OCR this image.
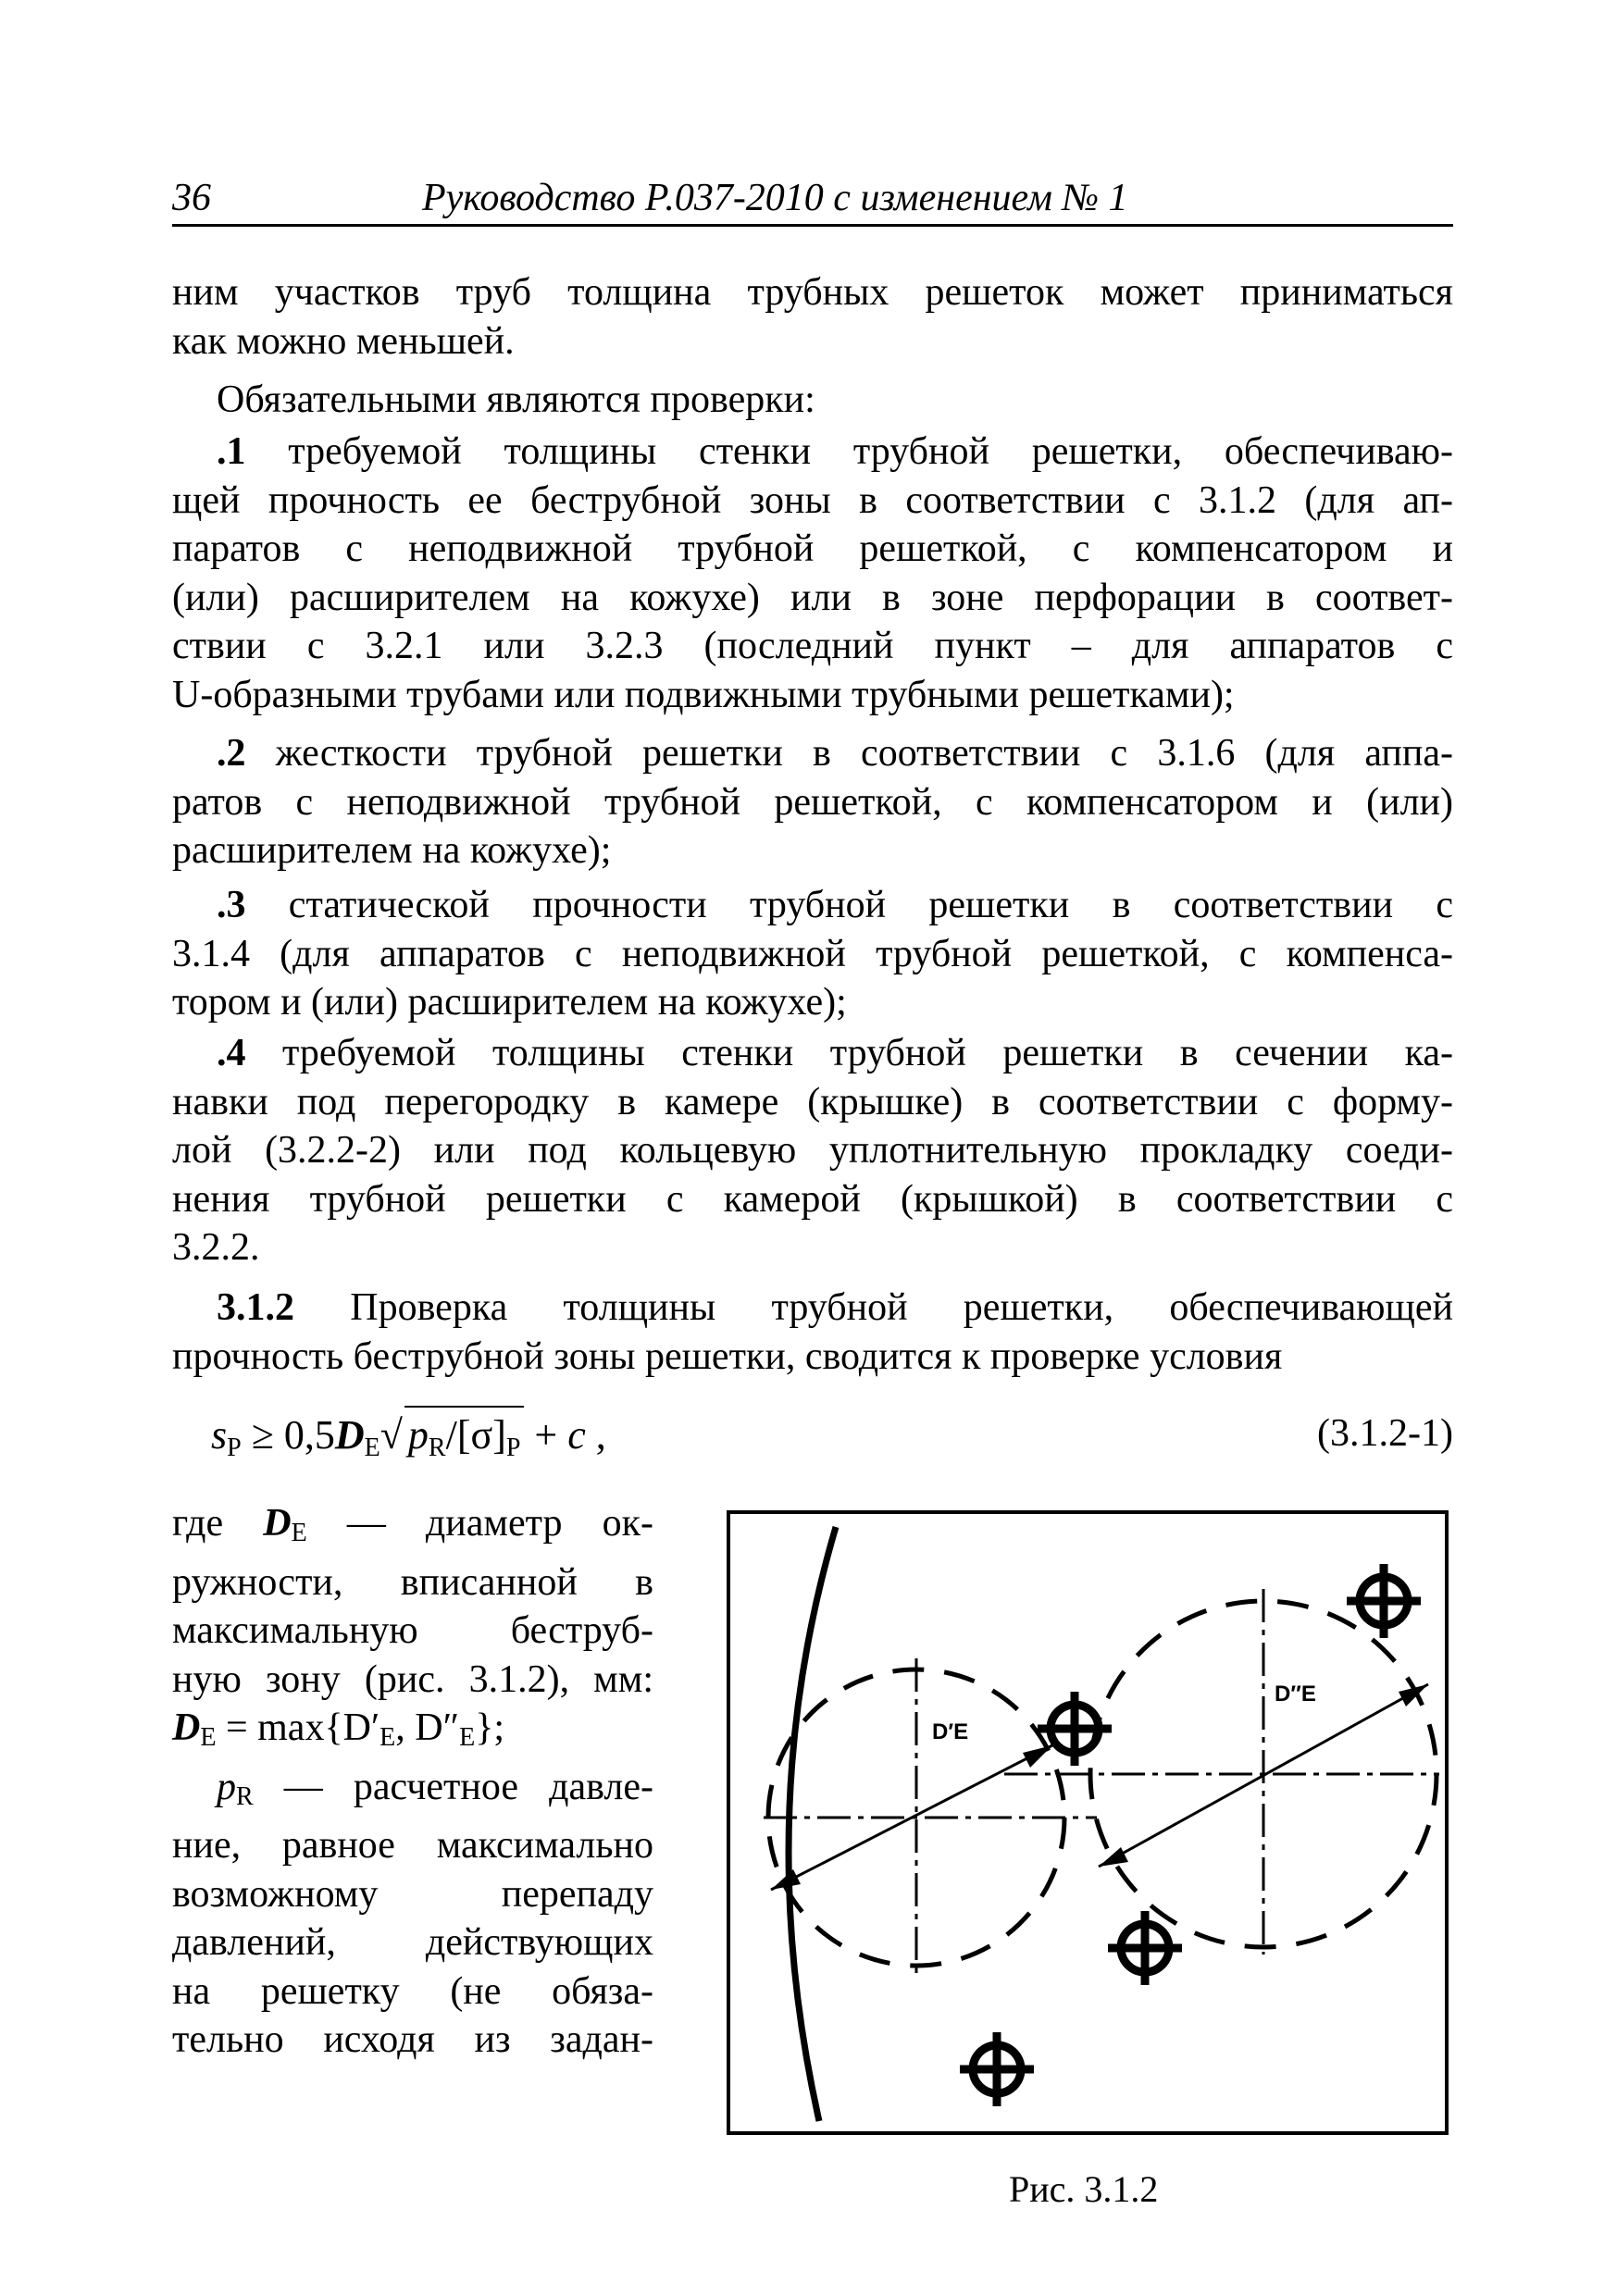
36	Руководство Р.037-2010 с изменением № 1
ним участков труб толщина трубных решеток может приниматься
как можно меньшей.
Обязательными являются проверки:
.1 требуемой толщины стенки трубной решетки, обеспечиваю-
щей прочность ее беструбной зоны в соответствии с 3.1.2 (для ап-
паратов с неподвижной трубной решеткой, с компенсатором и
(или) расширителем на кожухе) или в зоне перфорации в соответ-
ствии с 3.2.1 или 3.2.3 (последний пункт – для аппаратов с
U-образными трубами или подвижными трубными решетками);
.2 жесткости трубной решетки в соответствии с 3.1.6 (для аппа-
ратов с неподвижной трубной решеткой, с компенсатором и (или)
расширителем на кожухе);
.3 статической прочности трубной решетки в соответствии с
3.1.4 (для аппаратов с неподвижной трубной решеткой, с компенса-
тором и (или) расширителем на кожухе);
.4 требуемой толщины стенки трубной решетки в сечении ка-
навки под перегородку в камере (крышке) в соответствии с форму-
лой (3.2.2-2) или под кольцевую уплотнительную прокладку соеди-
нения трубной решетки с камерой (крышкой) в соответствии с
3.2.2.
3.1.2 Проверка толщины трубной решетки, обеспечивающей
прочность беструбной зоны решетки, сводится к проверке условия
$s_P \ge 0,5D_E√$ $p_R/[\sigma]_P + c$ ,	(3.1.2-1)
где $D_E$ — диаметр ок-
ружности, вписанной в
максимальную беструб-
ную зону (рис. 3.1.2), мм:
$D_E = \max\{D'_E$, $D''_E$};
$p_R$ — расчетное давле-
ние, равное максимально
возможному перепаду
давлений, действующих
на решетку (не обяза-
тельно исходя из задан-
D′E
D″E
Рис. 3.1.2
